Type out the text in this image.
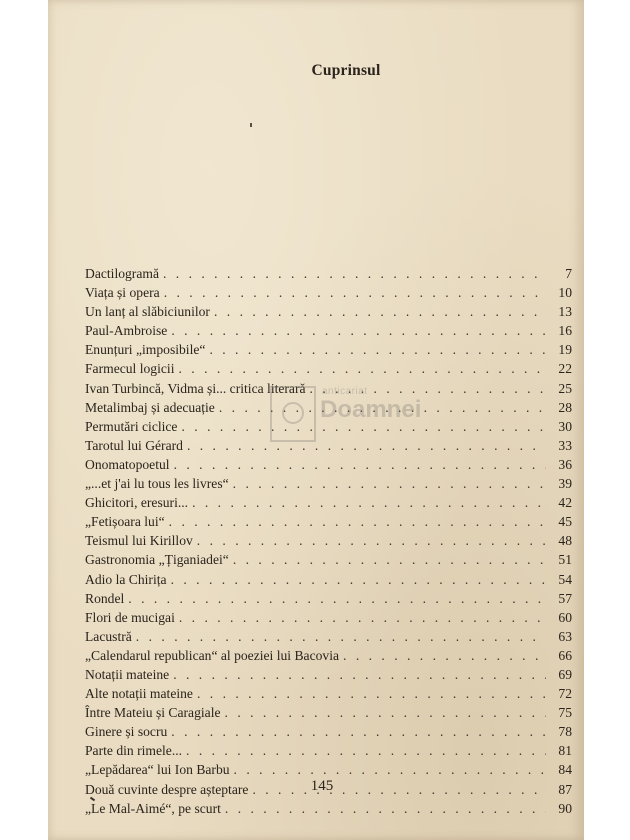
Cuprinsul
Dactilogramă . . .	7
Viața și opera . . .	10
Un lanț al slăbiciunilor . . .	13
Paul-Ambroise . . .	16
Enunțuri „imposibile“ . . .	19
Farmecul logicii . . .	22
Ivan Turbincă, Vidma și... critica literară . . .	25
Metalimbaj și adecuație . . .	28
Permutări ciclice . . .	30
Tarotul lui Gérard . . .	33
Onomatopoetul . . .	36
„...et j'ai lu tous les livres“ . . .	39
Ghicitori, eresuri... . . .	42
„Fetișoara lui“ . . .	45
Teismul lui Kirillov . . .	48
Gastronomia „Țiganiadei“ . . .	51
Adio la Chirița . . .	54
Rondel . . .	57
Flori de mucigai . . .	60
Lacustră . . .	63
„Calendarul republican“ al poeziei lui Bacovia . . .	66
Notații mateine . . .	69
Alte notații mateine . . .	72
Între Mateiu și Caragiale . . .	75
Ginere și socru . . .	78
Parte din rimele... . . .	81
„Lepădarea“ lui Ion Barbu . . .	84
Două cuvinte despre așteptare . . .	87
„Le Mal-Aimé“, pe scurt . . .	90
anticariat
Doamnei
145
